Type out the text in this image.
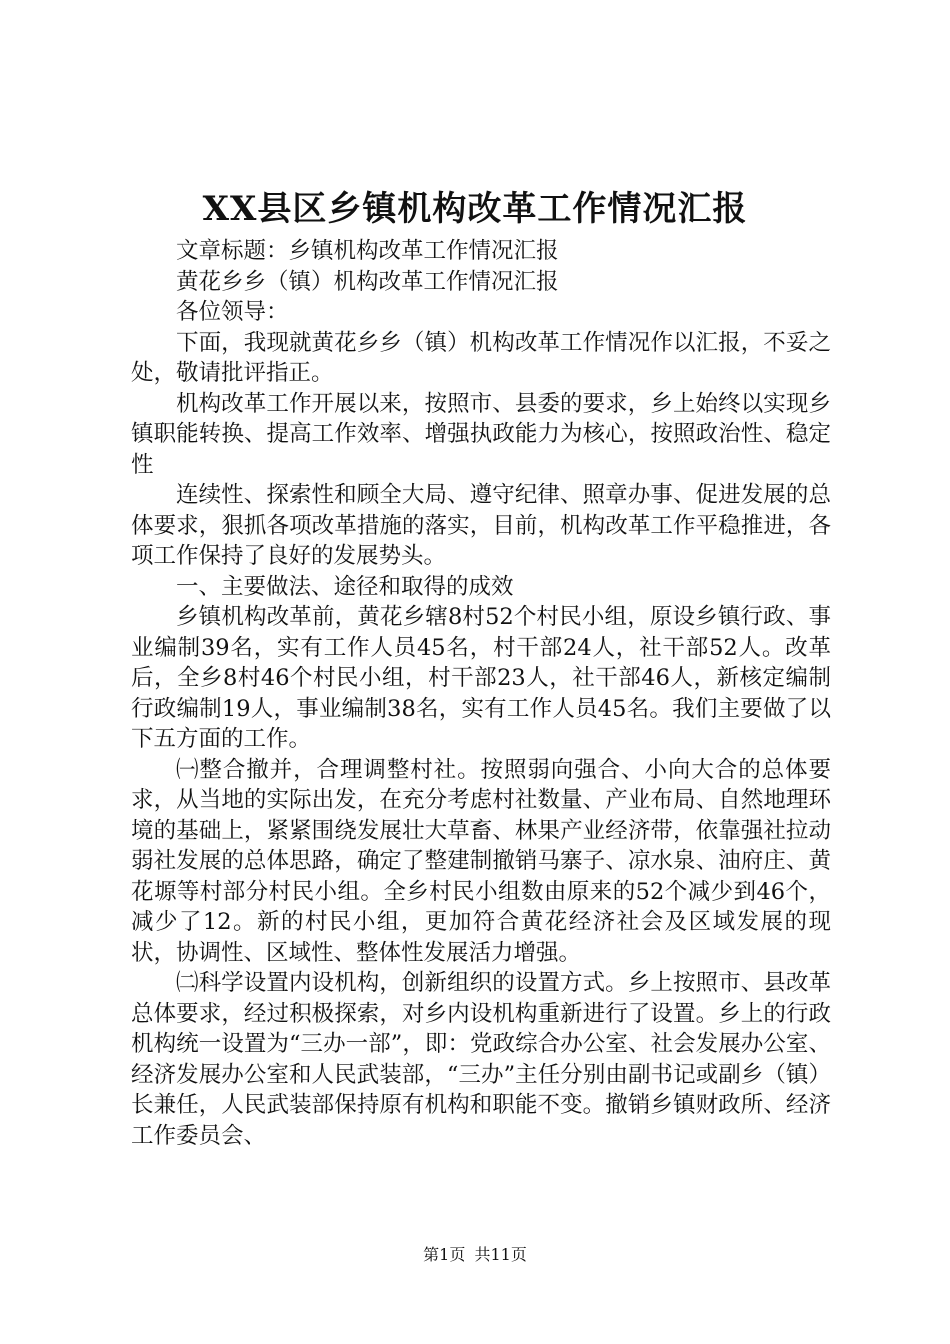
XX县区乡镇机构改革工作情况汇报

文章标题：乡镇机构改革工作情况汇报

黄花乡乡（镇）机构改革工作情况汇报

各位领导：

下面，我现就黄花乡乡（镇）机构改革工作情况作以汇报，不妥之处，敬请批评指正。

机构改革工作开展以来，按照市、县委的要求，乡上始终以实现乡镇职能转换、提高工作效率、增强执政能力为核心，按照政治性、稳定性

连续性、探索性和顾全大局、遵守纪律、照章办事、促进发展的总体要求，狠抓各项改革措施的落实，目前，机构改革工作平稳推进，各项工作保持了良好的发展势头。

一、主要做法、途径和取得的成效

乡镇机构改革前，黄花乡辖8村52个村民小组，原设乡镇行政、事业编制39名，实有工作人员45名，村干部24人，社干部52人。改革后，全乡8村46个村民小组，村干部23人，社干部46人，新核定编制行政编制19人，事业编制38名，实有工作人员45名。我们主要做了以下五方面的工作。

㈠整合撤并，合理调整村社。按照弱向强合、小向大合的总体要求，从当地的实际出发，在充分考虑村社数量、产业布局、自然地理环境的基础上，紧紧围绕发展壮大草畜、林果产业经济带，依靠强社拉动弱社发展的总体思路，确定了整建制撤销马寨子、凉水泉、油府庄、黄花塬等村部分村民小组。全乡村民小组数由原来的52个减少到46个，减少了12。新的村民小组，更加符合黄花经济社会及区域发展的现状，协调性、区域性、整体性发展活力增强。

㈡科学设置内设机构，创新组织的设置方式。乡上按照市、县改革总体要求，经过积极探索，对乡内设机构重新进行了设置。乡上的行政机构统一设置为“三办一部”，即：党政综合办公室、社会发展办公室、经济发展办公室和人民武装部，“三办”主任分别由副书记或副乡（镇）长兼任，人民武装部保持原有机构和职能不变。撤销乡镇财政所、经济工作委员会、

第1页 共11页
